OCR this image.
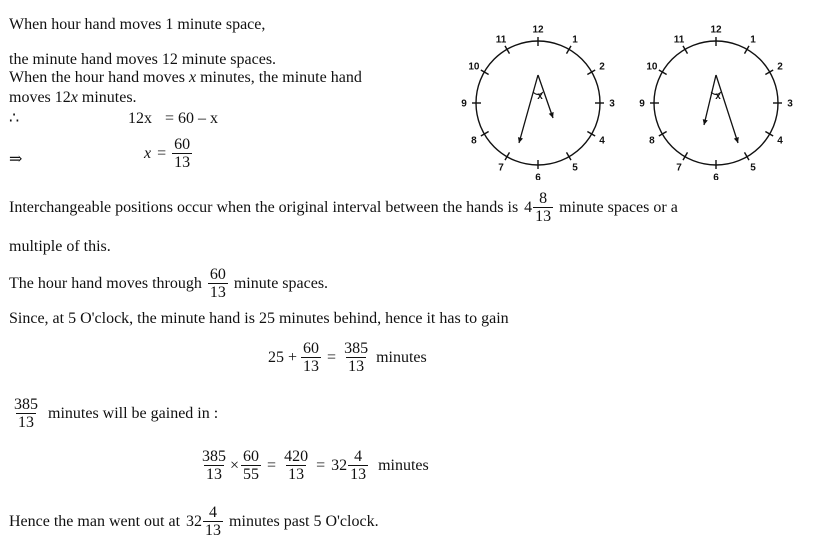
When hour hand moves 1 minute space,
the minute hand moves 12 minute spaces.
When the hour hand moves x minutes, the minute hand
moves 12x minutes.
∴	12x = 60 – x
⇒	$x = \frac{60}{13}$
12
1
2
3
4
5
6
7
8
9
10
11
x
12
1
2
3
4
5
6
7
8
9
10
11
x
Interchangeable positions occur when the original interval between the hands is $4 \frac{8}{13}$ minute spaces or a
multiple of this.
The hour hand moves through $\frac{60}{13}$ minute spaces.
Since, at 5 O'clock, the minute hand is 25 minutes behind, hence it has to gain
$25 + \frac{60}{13} = \frac{385}{13}$ minutes
$\frac{385}{13}$ minutes will be gained in :
$\frac{385}{13} \times \frac{60}{55} = \frac{420}{13} = 32 \frac{4}{13}$ minutes
Hence the man went out at $32 \frac{4}{13}$ minutes past 5 O'clock.
